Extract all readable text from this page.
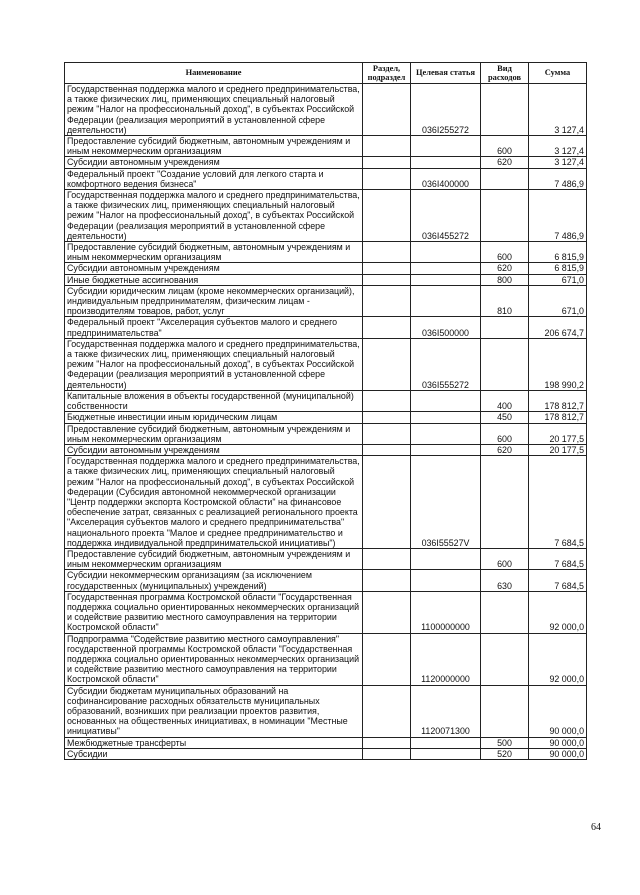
Наименование	Раздел, подраздел	Целевая статья	Вид расходов	Сумма
Государственная поддержка малого и среднего предпринимательства, а также физических лиц, применяющих специальный налоговый режим "Налог на профессиональный доход", в субъектах Российской Федерации (реализация мероприятий в установленной сфере деятельности)		036I255272		3 127,4
Предоставление субсидий бюджетным, автономным учреждениям и иным некоммерческим организациям			600	3 127,4
Субсидии автономным учреждениям			620	3 127,4
Федеральный проект "Создание условий для легкого старта и комфортного ведения бизнеса"		036I400000		7 486,9
Государственная поддержка малого и среднего предпринимательства, а также физических лиц, применяющих специальный налоговый режим "Налог на профессиональный доход", в субъектах Российской Федерации (реализация мероприятий в установленной сфере деятельности)		036I455272		7 486,9
Предоставление субсидий бюджетным, автономным учреждениям и иным некоммерческим организациям			600	6 815,9
Субсидии автономным учреждениям			620	6 815,9
Иные бюджетные ассигнования			800	671,0
Субсидии юридическим лицам (кроме некоммерческих организаций), индивидуальным предпринимателям, физическим лицам - производителям товаров, работ, услуг			810	671,0
Федеральный проект "Акселерация субъектов малого и среднего предпринимательства"		036I500000		206 674,7
Государственная поддержка малого и среднего предпринимательства, а также физических лиц, применяющих специальный налоговый режим "Налог на профессиональный доход", в субъектах Российской Федерации (реализация мероприятий в установленной сфере деятельности)		036I555272		198 990,2
Капитальные вложения в объекты государственной (муниципальной) собственности			400	178 812,7
Бюджетные инвестиции иным юридическим лицам			450	178 812,7
Предоставление субсидий бюджетным, автономным учреждениям и иным некоммерческим организациям			600	20 177,5
Субсидии автономным учреждениям			620	20 177,5
Государственная поддержка малого и среднего предпринимательства, а также физических лиц, применяющих специальный налоговый режим "Налог на профессиональный доход", в субъектах Российской Федерации (Субсидия автономной некоммерческой организации "Центр поддержки экспорта Костромской области" на финансовое обеспечение затрат, связанных с реализацией регионального проекта "Акселерация субъектов малого и среднего предпринимательства" национального проекта "Малое и среднее предпринимательство и поддержка индивидуальной предпринимательской инициативы")		036I55527V		7 684,5
Предоставление субсидий бюджетным, автономным учреждениям и иным некоммерческим организациям			600	7 684,5
Субсидии некоммерческим организациям (за исключением государственных (муниципальных) учреждений)			630	7 684,5
Государственная программа Костромской области "Государственная поддержка социально ориентированных некоммерческих организаций и содействие развитию местного самоуправления на территории Костромской области"		1100000000		92 000,0
Подпрограмма "Содействие развитию местного самоуправления" государственной программы Костромской области "Государственная поддержка социально ориентированных некоммерческих организаций и содействие развитию местного самоуправления на территории Костромской области"		1120000000		92 000,0
Субсидии бюджетам муниципальных образований на софинансирование расходных обязательств муниципальных образований, возникших при реализации проектов развития, основанных на общественных инициативах, в номинации "Местные инициативы"		1120071300		90 000,0
Межбюджетные трансферты			500	90 000,0
Субсидии			520	90 000,0
64
